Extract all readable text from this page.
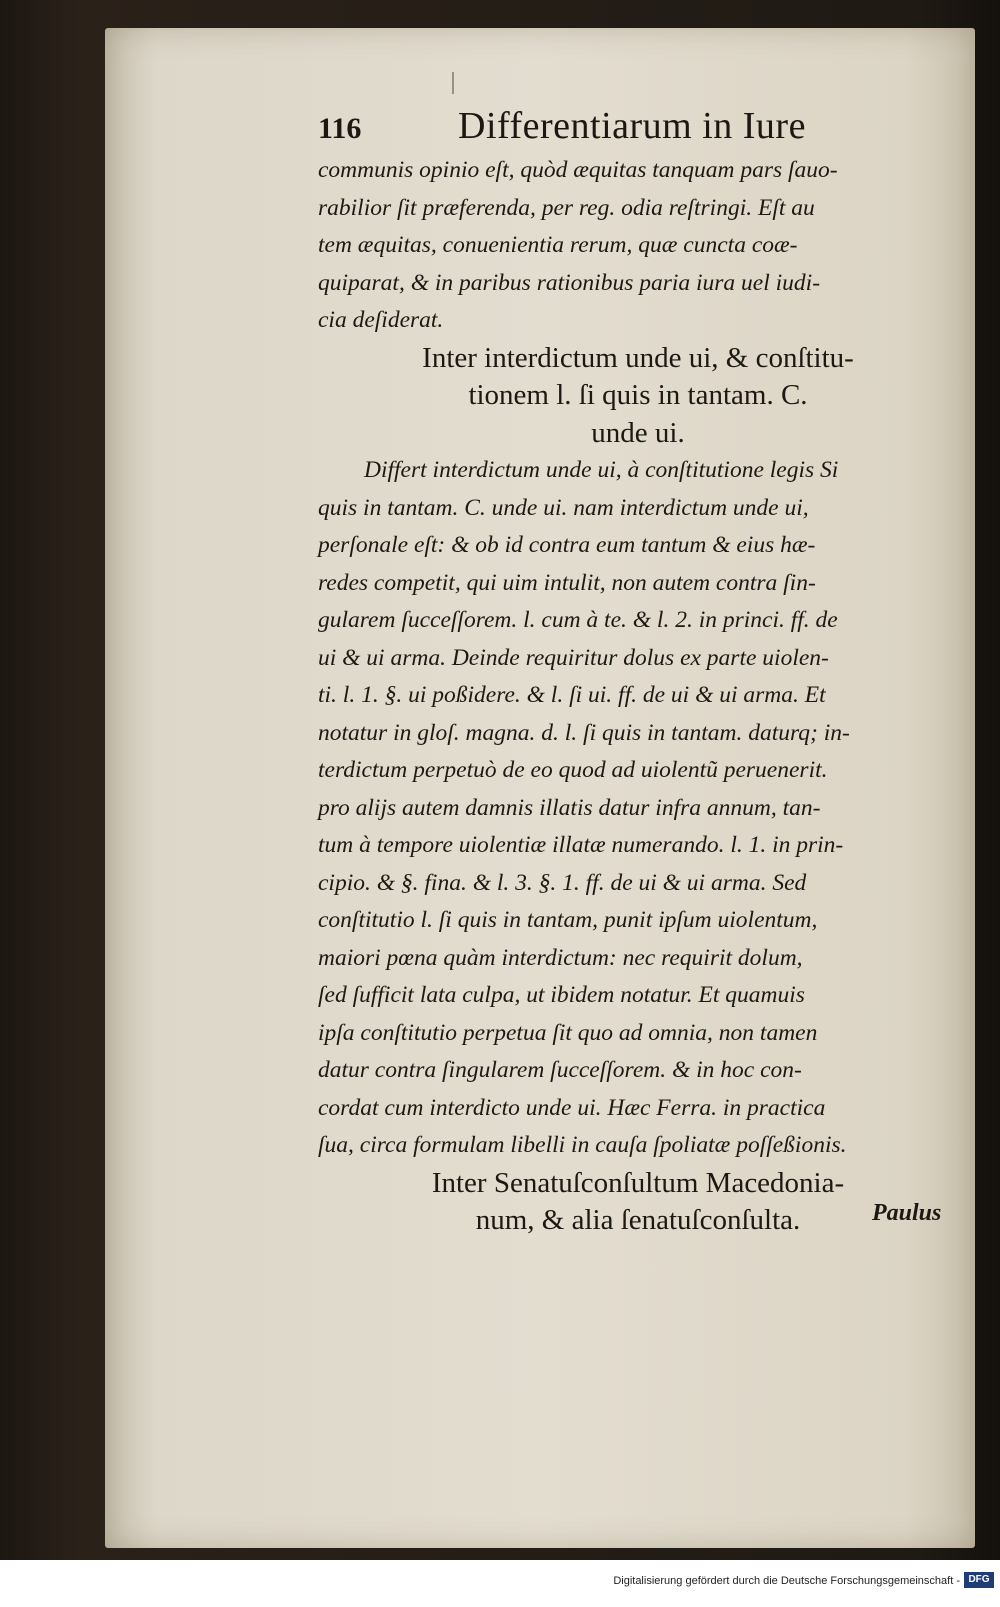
116	Differentiarum in Iure
communis opinio eſt, quòd æquitas tanquam pars ſauo-
rabilior ſit præferenda, per reg. odia reſtringi. Eſt au
tem æquitas, conuenientia rerum, quæ cuncta coæ-
quiparat, & in paribus rationibus paria iura uel iudi-
cia deſiderat.
Inter interdictum unde ui, & conſtitu-
tionem l. ſi quis in tantam. C.
unde ui.
Differt interdictum unde ui, à conſtitutione legis Si
quis in tantam. C. unde ui. nam interdictum unde ui,
perſonale eſt: & ob id contra eum tantum & eius hæ-
redes competit, qui uim intulit, non autem contra ſin-
gularem ſucceſſorem. l. cum à te. & l. 2. in princi. ff. de
ui & ui arma. Deinde requiritur dolus ex parte uiolen-
ti. l. 1. §. ui poßidere. & l. ſi ui. ff. de ui & ui arma. Et
notatur in gloſ. magna. d. l. ſi quis in tantam. daturq; in-
terdictum perpetuò de eo quod ad uiolentũ peruenerit.
pro alijs autem damnis illatis datur infra annum, tan-
tum à tempore uiolentiæ illatæ numerando. l. 1. in prin-
cipio. & §. fina. & l. 3. §. 1. ff. de ui & ui arma. Sed
conſtitutio l. ſi quis in tantam, punit ipſum uiolentum,
maiori pœna quàm interdictum: nec requirit dolum,
ſed ſufficit lata culpa, ut ibidem notatur. Et quamuis
ipſa conſtitutio perpetua ſit quo ad omnia, non tamen
datur contra ſingularem ſucceſſorem. & in hoc con-
cordat cum interdicto unde ui. Hæc Ferra. in practica
ſua, circa formulam libelli in cauſa ſpoliatæ poſſeßionis.
Inter Senatuſconſultum Macedonia-
num, & alia ſenatuſconſulta.	Paulus
Digitalisierung gefördert durch die Deutsche Forschungsgemeinschaft - DFG
